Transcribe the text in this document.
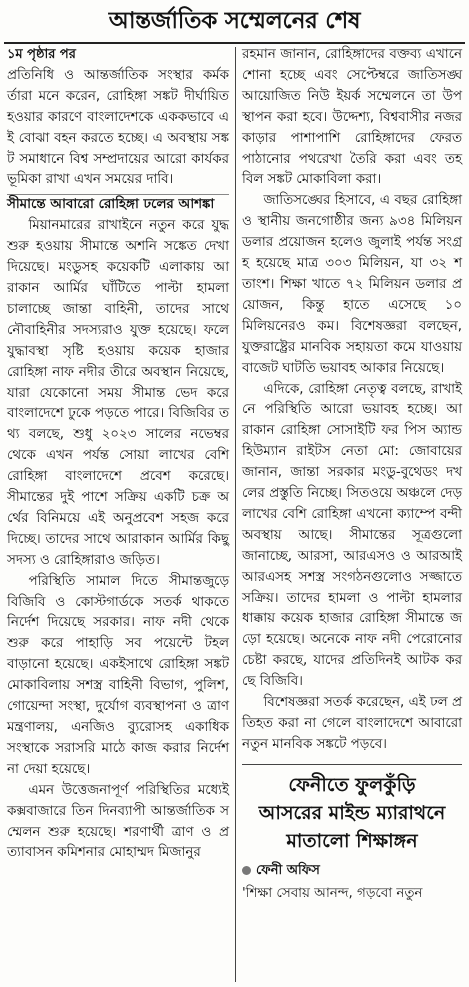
আন্তর্জাতিক সম্মেলনের শেষ

১ম পৃষ্ঠার পর

প্রতিনিধি ও আন্তর্জাতিক সংস্থার কর্মকর্তারা মনে করেন, রোহিঙ্গা সঙ্কট দীর্ঘায়িত হওয়ার কারণে বাংলাদেশকে এককভাবে এই বোঝা বহন করতে হচ্ছে। এ অবস্থায় সঙ্কট সমাধানে বিশ্ব সম্প্রদায়ের আরো কার্যকর ভূমিকা রাখা এখন সময়ের দাবি।

সীমান্তে আবারো রোহিঙ্গা ঢলের আশঙ্কা

মিয়ানমারের রাখাইনে নতুন করে যুদ্ধ শুরু হওয়ায় সীমান্তে অশনি সঙ্কেত দেখা দিয়েছে। মংডুসহ কয়েকটি এলাকায় আরাকান আর্মির ঘাঁটিতে পাল্টা হামলা চালাচ্ছে জান্তা বাহিনী, তাদের সাথে নৌবাহিনীর সদস্যরাও যুক্ত হয়েছে। ফলে যুদ্ধাবস্থা সৃষ্টি হওয়ায় কয়েক হাজার রোহিঙ্গা নাফ নদীর তীরে অবস্থান নিয়েছে, যারা যেকোনো সময় সীমান্ত ভেদ করে বাংলাদেশে ঢুকে পড়তে পারে। বিজিবির তথ্য বলছে, শুধু ২০২৩ সালের নভেম্বর থেকে এখন পর্যন্ত সোয়া লাখের বেশি রোহিঙ্গা বাংলাদেশে প্রবেশ করেছে। সীমান্তের দুই পাশে সক্রিয় একটি চক্র অর্থের বিনিময়ে এই অনুপ্রবেশ সহজ করে দিচ্ছে। তাদের সাথে আরাকান আর্মির কিছু সদস্য ও রোহিঙ্গারাও জড়িত।

পরিস্থিতি সামাল দিতে সীমান্তজুড়ে বিজিবি ও কোস্টগার্ডকে সতর্ক থাকতে নির্দেশ দিয়েছে সরকার। নাফ নদী থেকে শুরু করে পাহাড়ি সব পয়েন্টে টহল বাড়ানো হয়েছে। একইসাথে রোহিঙ্গা সঙ্কট মোকাবিলায় সশস্ত্র বাহিনী বিভাগ, পুলিশ, গোয়েন্দা সংস্থা, দুর্যোগ ব্যবস্থাপনা ও ত্রাণ মন্ত্রণালয়, এনজিও ব্যুরোসহ একাধিক সংস্থাকে সরাসরি মাঠে কাজ করার নির্দেশনা দেয়া হয়েছে।

এমন উত্তেজনাপূর্ণ পরিস্থিতির মধ্যেই কক্সবাজারে তিন দিনব্যাপী আন্তর্জাতিক সম্মেলন শুরু হয়েছে। শরণার্থী ত্রাণ ও প্রত্যাবাসন কমিশনার মোহাম্মদ মিজানুর

রহমান জানান, রোহিঙ্গাদের বক্তব্য এখানে শোনা হচ্ছে এবং সেপ্টেম্বরে জাতিসঙ্ঘ আয়োজিত নিউ ইয়র্ক সম্মেলনে তা উপস্থাপন করা হবে। উদ্দেশ্য, বিশ্ববাসীর নজর কাড়ার পাশাপাশি রোহিঙ্গাদের ফেরত পাঠানোর পথরেখা তৈরি করা এবং তহবিল সঙ্কট মোকাবিলা করা।

জাতিসঙ্ঘের হিসাবে, এ বছর রোহিঙ্গা ও স্থানীয় জনগোষ্ঠীর জন্য ৯৩৪ মিলিয়ন ডলার প্রয়োজন হলেও জুলাই পর্যন্ত সংগ্রহ হয়েছে মাত্র ৩০৩ মিলিয়ন, যা ৩২ শতাংশ। শিক্ষা খাতে ৭২ মিলিয়ন ডলার প্রয়োজন, কিন্তু হাতে এসেছে ১০ মিলিয়নেরও কম। বিশেষজ্ঞরা বলছেন, যুক্তরাষ্ট্রের মানবিক সহায়তা কমে যাওয়ায় বাজেট ঘাটতি ভয়াবহ আকার নিয়েছে।

এদিকে, রোহিঙ্গা নেতৃত্ব বলছে, রাখাইনে পরিস্থিতি আরো ভয়াবহ হচ্ছে। আরাকান রোহিঙ্গা সোসাইটি ফর পিস অ্যান্ড হিউম্যান রাইটস নেতা মো: জোবায়ের জানান, জান্তা সরকার মংডু-বুথেডং দখলের প্রস্তুতি নিচ্ছে। সিতওয়ে অঞ্চলে দেড় লাখের বেশি রোহিঙ্গা এখনো ক্যাম্পে বন্দী অবস্থায় আছে। সীমান্তের সূত্রগুলো জানাচ্ছে, আরসা, আরএসও ও আরআইআরএসহ সশস্ত্র সংগঠনগুলোও সজ্জাতে সক্রিয়। তাদের হামলা ও পাল্টা হামলার ধাক্কায় কয়েক হাজার রোহিঙ্গা সীমান্তে জড়ো হয়েছে। অনেকে নাফ নদী পেরোনোর চেষ্টা করছে, যাদের প্রতিদিনই আটক করছে বিজিবি।

বিশেষজ্ঞরা সতর্ক করেছেন, এই ঢল প্রতিহত করা না গেলে বাংলাদেশে আবারো নতুন মানবিক সঙ্কটে পড়বে।

ফেনীতে ফুলকুঁড়ি
আসরের মাইন্ড ম্যারাথনে
মাতালো শিক্ষাঙ্গন
ফেনী অফিস

'শিক্ষা সেবায় আনন্দ, গড়বো নতুন
